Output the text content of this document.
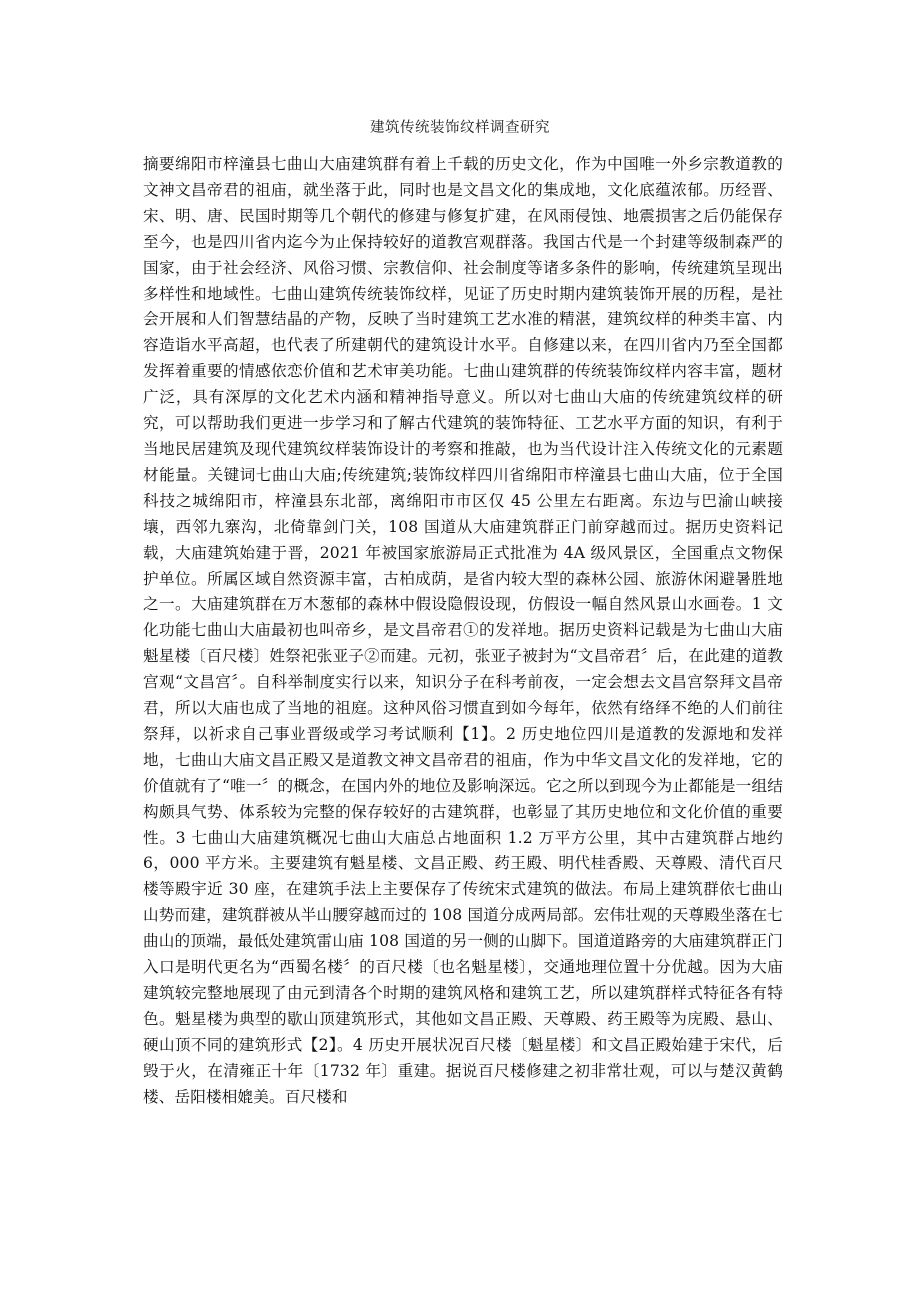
建筑传统装饰纹样调查研究

摘要绵阳市梓潼县七曲山大庙建筑群有着上千载的历史文化，作为中国唯一外乡宗教道教的文神文昌帝君的祖庙，就坐落于此，同时也是文昌文化的集成地，文化底蕴浓郁。历经晋、宋、明、唐、民国时期等几个朝代的修建与修复扩建，在风雨侵蚀、地震损害之后仍能保存至今，也是四川省内迄今为止保持较好的道教宫观群落。我国古代是一个封建等级制森严的国家，由于社会经济、风俗习惯、宗教信仰、社会制度等诸多条件的影响，传统建筑呈现出多样性和地域性。七曲山建筑传统装饰纹样，见证了历史时期内建筑装饰开展的历程，是社会开展和人们智慧结晶的产物，反映了当时建筑工艺水准的精湛，建筑纹样的种类丰富、内容造诣水平高超，也代表了所建朝代的建筑设计水平。自修建以来，在四川省内乃至全国都发挥着重要的情感依恋价值和艺术审美功能。七曲山建筑群的传统装饰纹样内容丰富，题材广泛，具有深厚的文化艺术内涵和精神指导意义。所以对七曲山大庙的传统建筑纹样的研究，可以帮助我们更进一步学习和了解古代建筑的装饰特征、工艺水平方面的知识，有利于当地民居建筑及现代建筑纹样装饰设计的考察和推敲，也为当代设计注入传统文化的元素题材能量。关键词七曲山大庙;传统建筑;装饰纹样四川省绵阳市梓潼县七曲山大庙，位于全国科技之城绵阳市，梓潼县东北部，离绵阳市市区仅 45 公里左右距离。东边与巴渝山峡接壤，西邻九寨沟，北倚靠剑门关，108 国道从大庙建筑群正门前穿越而过。据历史资料记载，大庙建筑始建于晋，2021 年被国家旅游局正式批准为 4A 级风景区，全国重点文物保护单位。所属区域自然资源丰富，古柏成荫，是省内较大型的森林公园、旅游休闲避暑胜地之一。大庙建筑群在万木葱郁的森林中假设隐假设现，仿假设一幅自然风景山水画卷。1 文化功能七曲山大庙最初也叫帝乡，是文昌帝君①的发祥地。据历史资料记载是为七曲山大庙魁星楼〔百尺楼〕姓祭祀张亚子②而建。元初，张亚子被封为“文昌帝君〞后，在此建的道教宫观“文昌宫〞。自科举制度实行以来，知识分子在科考前夜，一定会想去文昌宫祭拜文昌帝君，所以大庙也成了当地的祖庭。这种风俗习惯直到如今每年，依然有络绎不绝的人们前往祭拜，以祈求自己事业晋级或学习考试顺利【1】。2 历史地位四川是道教的发源地和发祥地，七曲山大庙文昌正殿又是道教文神文昌帝君的祖庙，作为中华文昌文化的发祥地，它的价值就有了“唯一〞的概念，在国内外的地位及影响深远。它之所以到现今为止都能是一组结构颇具气势、体系较为完整的保存较好的古建筑群，也彰显了其历史地位和文化价值的重要性。3 七曲山大庙建筑概况七曲山大庙总占地面积 1.2 万平方公里，其中古建筑群占地约 6，000 平方米。主要建筑有魁星楼、文昌正殿、药王殿、明代桂香殿、天尊殿、清代百尺楼等殿宇近 30 座，在建筑手法上主要保存了传统宋式建筑的做法。布局上建筑群依七曲山山势而建，建筑群被从半山腰穿越而过的 108 国道分成两局部。宏伟壮观的天尊殿坐落在七曲山的顶端，最低处建筑雷山庙 108 国道的另一侧的山脚下。国道道路旁的大庙建筑群正门入口是明代更名为“西蜀名楼〞的百尺楼〔也名魁星楼〕，交通地理位置十分优越。因为大庙建筑较完整地展现了由元到清各个时期的建筑风格和建筑工艺，所以建筑群样式特征各有特色。魁星楼为典型的歇山顶建筑形式，其他如文昌正殿、天尊殿、药王殿等为庑殿、悬山、硬山顶不同的建筑形式【2】。4 历史开展状况百尺楼〔魁星楼〕和文昌正殿始建于宋代，后毁于火，在清雍正十年〔1732 年〕重建。据说百尺楼修建之初非常壮观，可以与楚汉黄鹤楼、岳阳楼相媲美。百尺楼和
